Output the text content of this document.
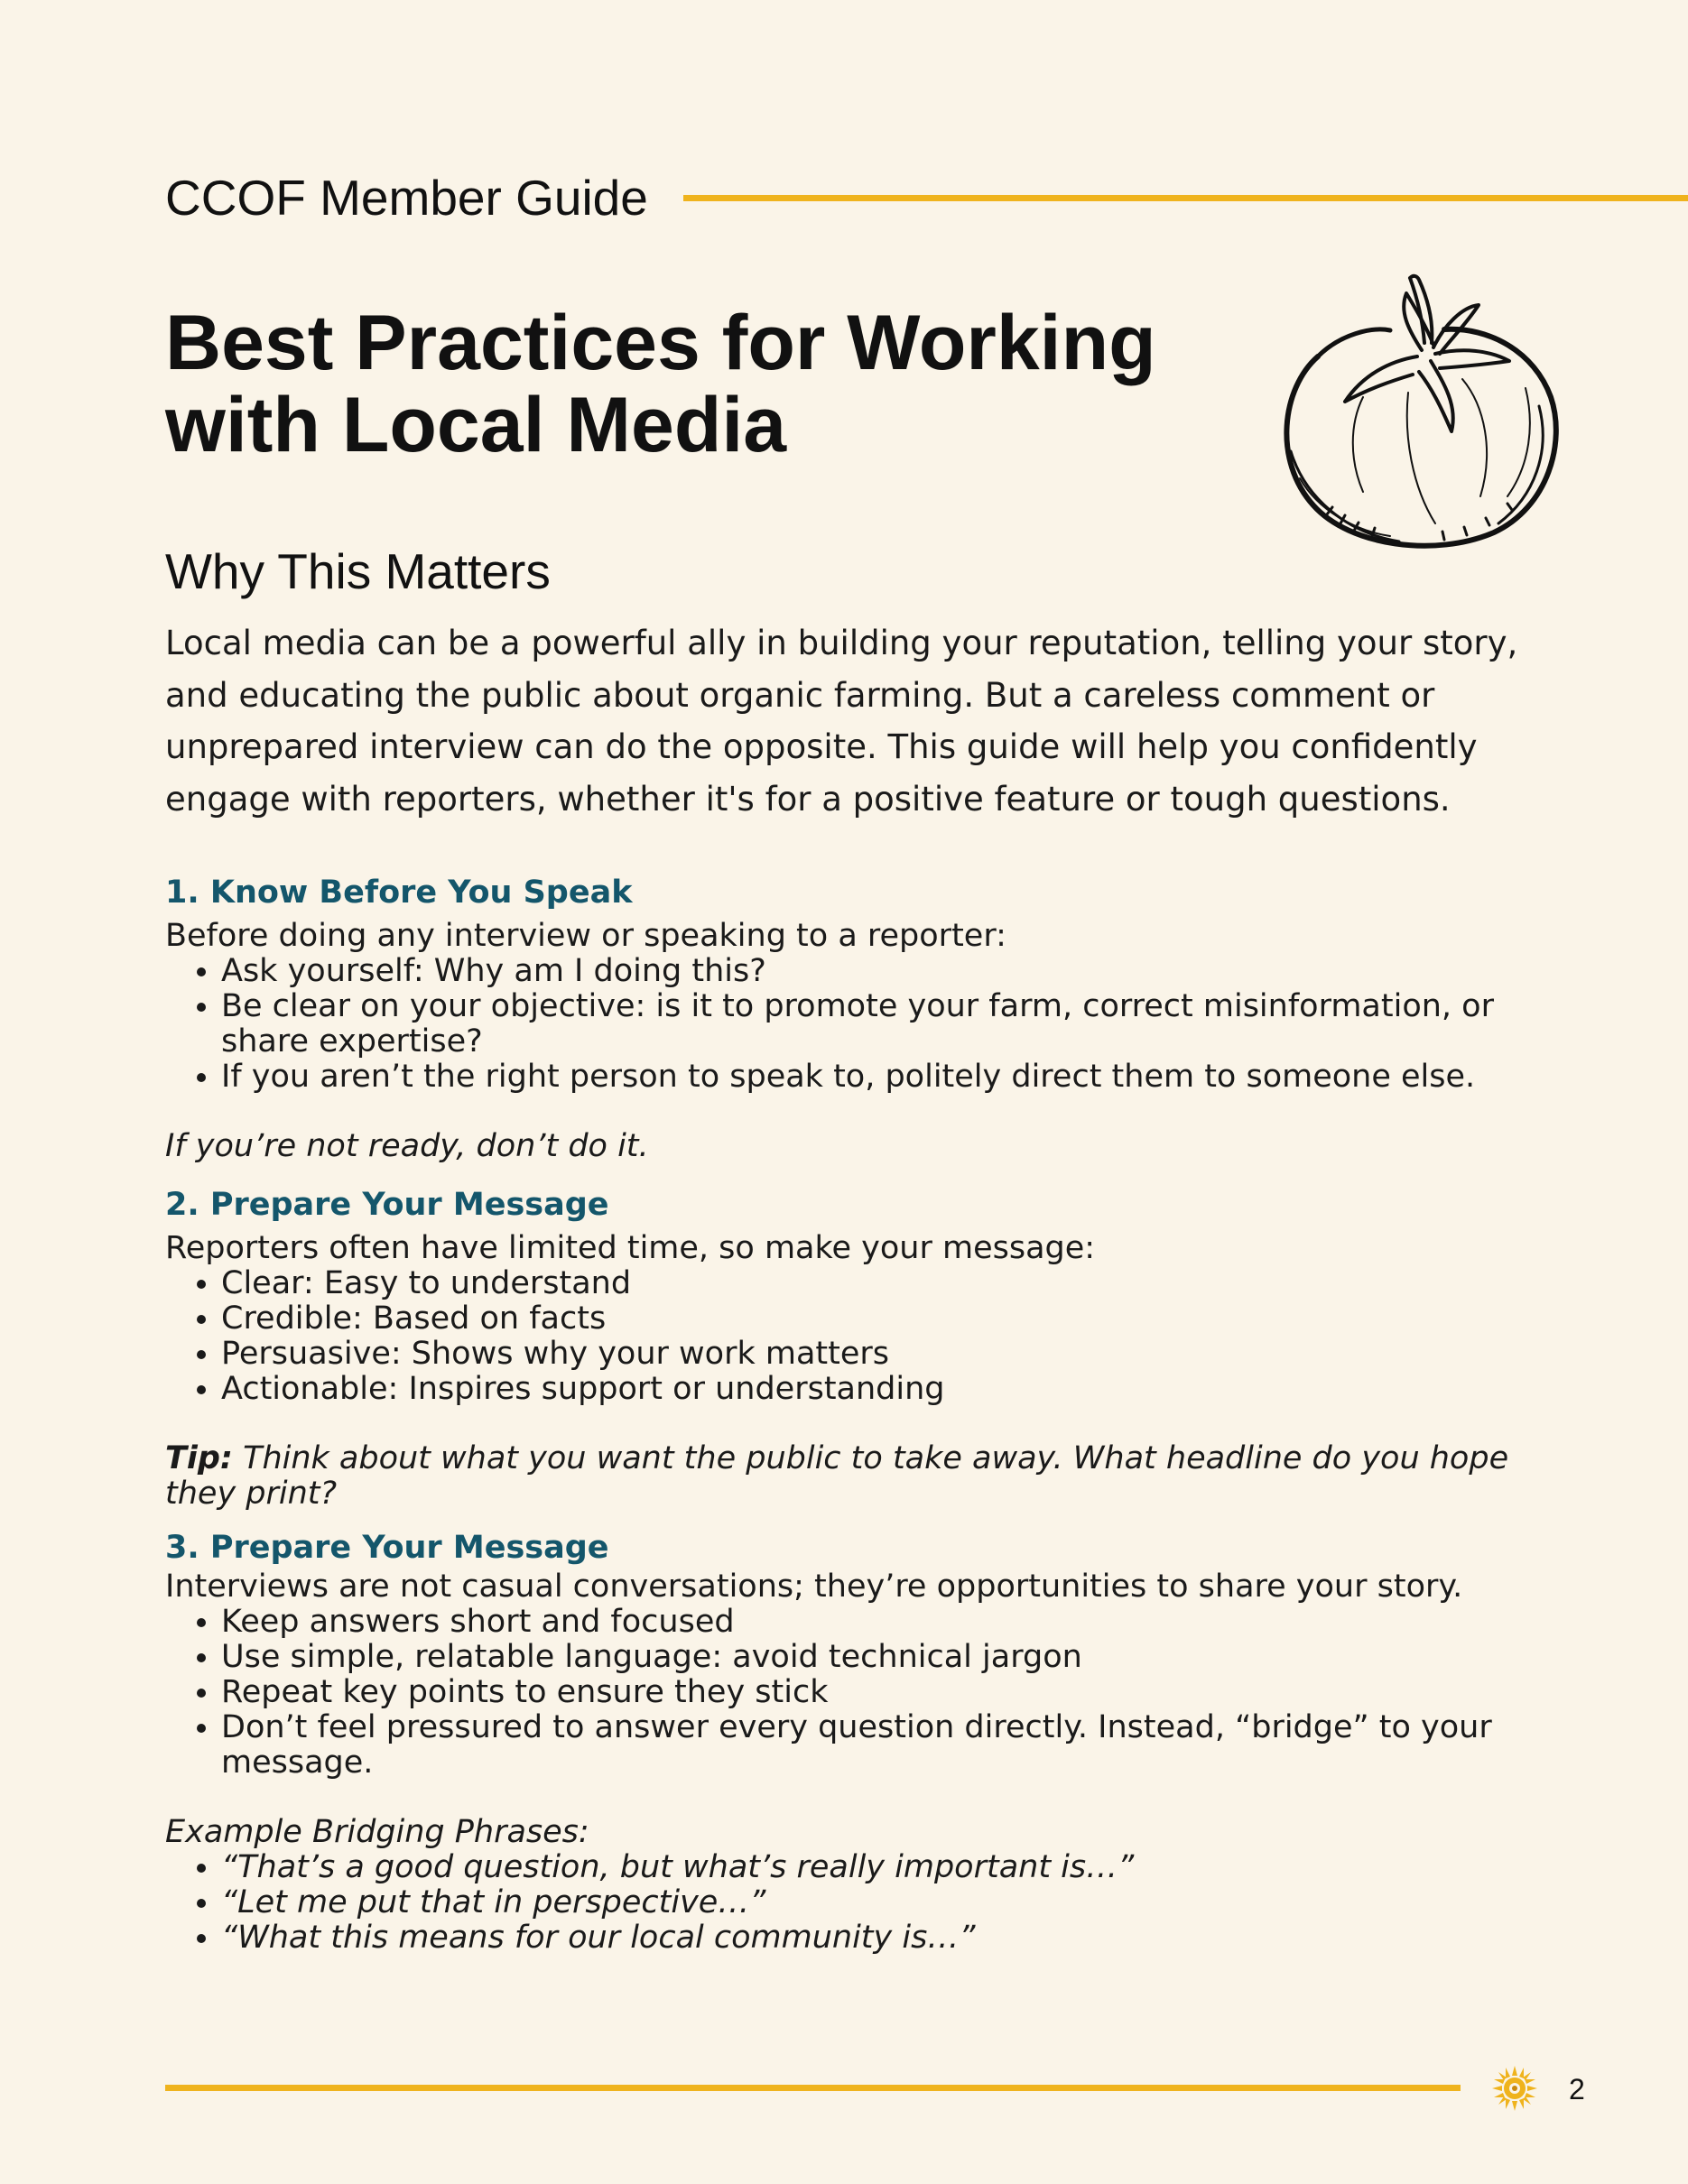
CCOF Member Guide
Best Practices for Working with Local Media
Why This Matters

Local media can be a powerful ally in building your reputation, telling your story, and educating the public about organic farming. But a careless comment or unprepared interview can do the opposite. This guide will help you confidently engage with reporters, whether it's for a positive feature or tough questions.

1. Know Before You Speak

Before doing any interview or speaking to a reporter:

• Ask yourself: Why am I doing this?
• Be clear on your objective: is it to promote your farm, correct misinformation, or share expertise?
• If you aren’t the right person to speak to, politely direct them to someone else.

If you’re not ready, don’t do it.

2. Prepare Your Message

Reporters often have limited time, so make your message:

• Clear: Easy to understand
• Credible: Based on facts
• Persuasive: Shows why your work matters
• Actionable: Inspires support or understanding

Tip: Think about what you want the public to take away. What headline do you hope they print?

3. Prepare Your Message

Interviews are not casual conversations; they’re opportunities to share your story.

• Keep answers short and focused
• Use simple, relatable language: avoid technical jargon
• Repeat key points to ensure they stick
• Don’t feel pressured to answer every question directly. Instead, “bridge” to your message.

Example Bridging Phrases:

• “That’s a good question, but what’s really important is…”
• “Let me put that in perspective…”
• “What this means for our local community is…”
2
